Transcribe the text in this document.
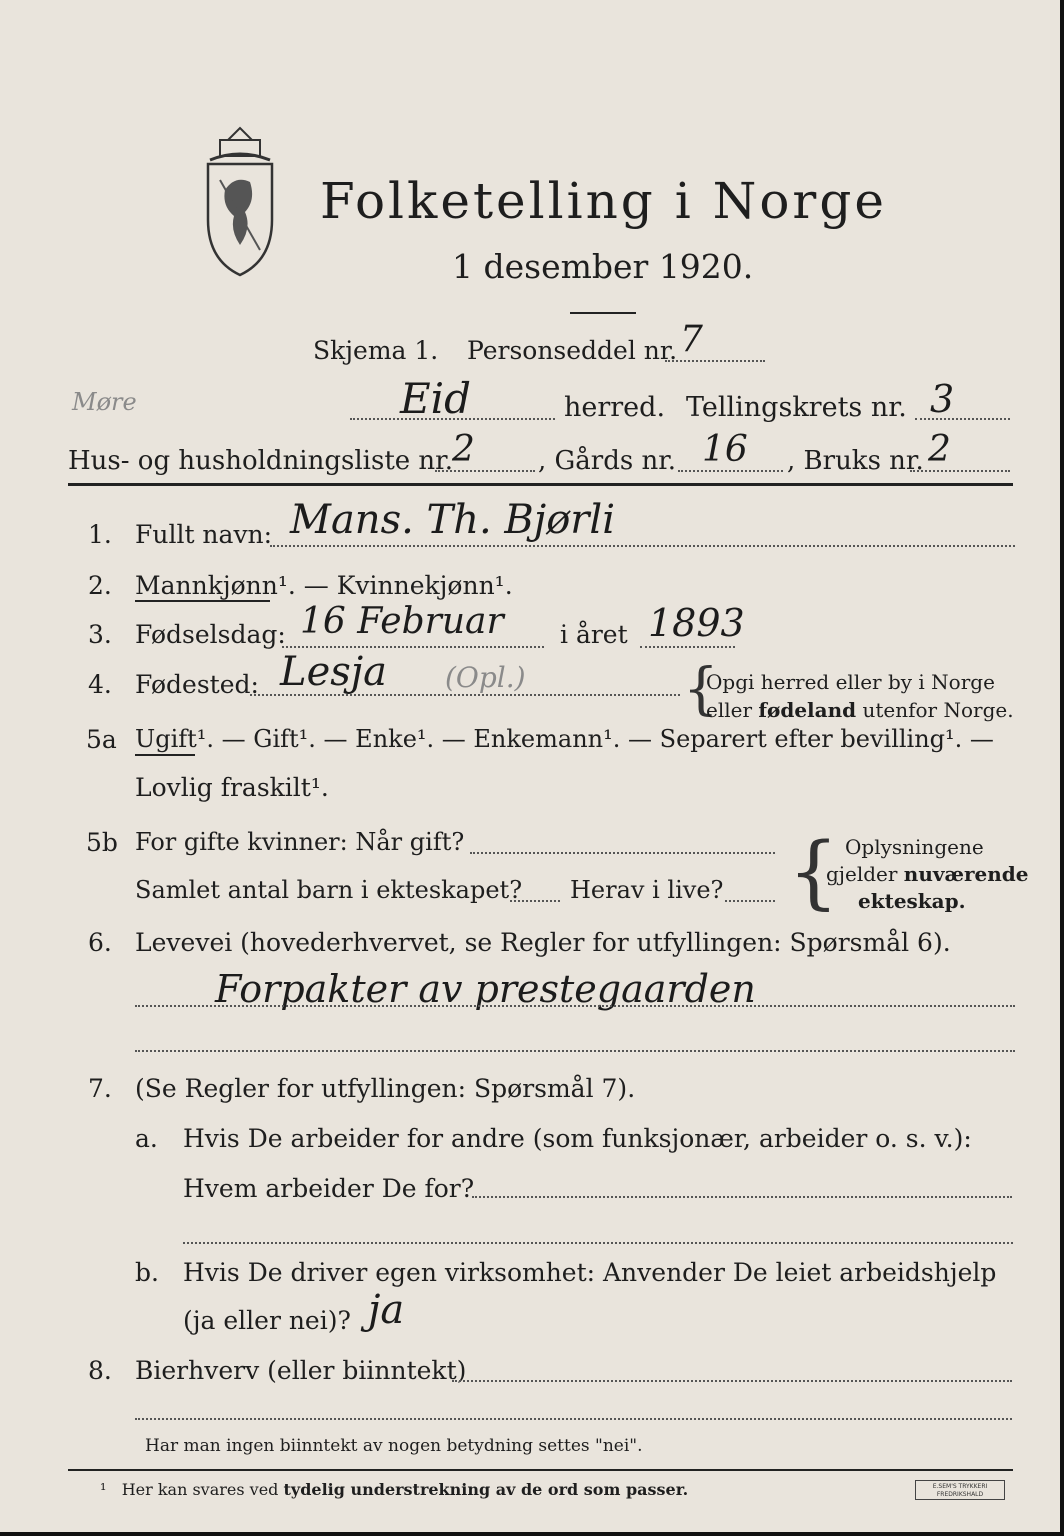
Folketelling i Norge
1 desember 1920.
Skjema 1. Personseddel nr. 7
Møre	Eid	herred. Tellingskrets nr. 3
Hus- og husholdningsliste nr.
2 , Gårds nr. 16 , Bruks nr. 2
1. Fullt navn: Mans. Th. Bjørli
2. Mannkjønn¹. — Kvinnekjønn¹.
3. Fødselsdag: 16 Februar i året 1893
4. Fødested: Lesja (Opl.)	{
Opgi herred eller by i Norge
eller fødeland utenfor Norge.
5a Ugift¹. — Gift¹. — Enke¹. — Enkemann¹. — Separert efter bevilling¹. —
Lovlig fraskilt¹.
5b For gifte kvinner: Når gift?
Samlet antal barn i ekteskapet? Herav i live? { Oplysningene
gjelder nuværende
ekteskap.
6. Levevei (hovederhvervet, se Regler for utfyllingen: Spørsmål 6).
Forpakter av prestegaarden
7. (Se Regler for utfyllingen: Spørsmål 7).
a. Hvis De arbeider for andre (som funksjonær, arbeider o. s. v.):
Hvem arbeider De for?
b. Hvis De driver egen virksomhet: Anvender De leiet arbeidshjelp
(ja eller nei)? ja
8. Bierhverv (eller biinntekt)
Har man ingen biinntekt av nogen betydning settes "nei".
¹ Her kan svares ved tydelig understrekning av de ord som passer.	E.SEM'S TRYKKERI FREDRIKSHALD
